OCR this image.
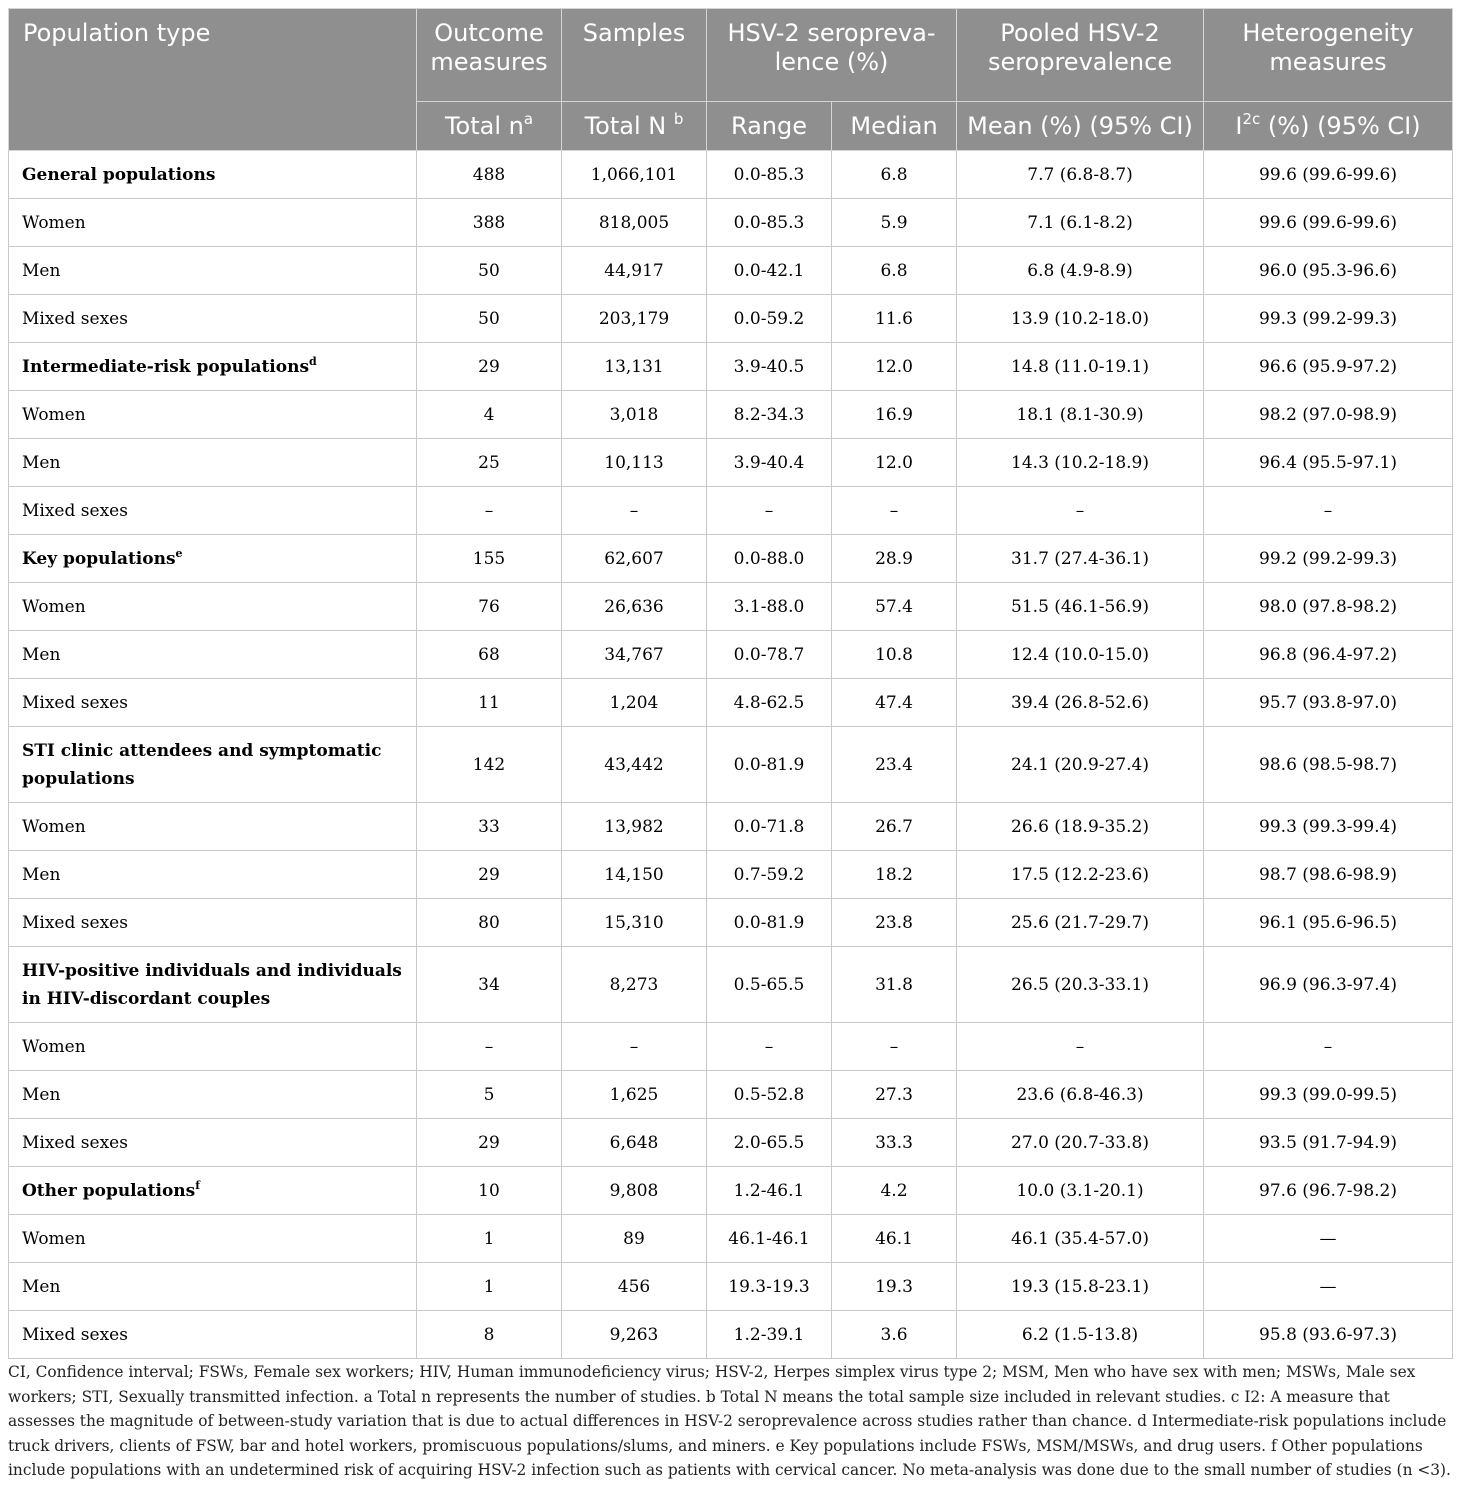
Population type	Outcome measures	Samples	HSV-2 seropreva-lence (%)		Pooled HSV-2 seroprevalence	Heterogeneity measures
	Total $n^a$	Total N $^b$	Range	Median	Mean (%) (95% CI)	$I^{2c}$ (%) (95% CI)
General populations	488	1,066,101	0.0-85.3	6.8	7.7 (6.8-8.7)	99.6 (99.6-99.6)
Women	388	818,005	0.0-85.3	5.9	7.1 (6.1-8.2)	99.6 (99.6-99.6)
Men	50	44,917	0.0-42.1	6.8	6.8 (4.9-8.9)	96.0 (95.3-96.6)
Mixed sexes	50	203,179	0.0-59.2	11.6	13.9 (10.2-18.0)	99.3 (99.2-99.3)
Intermediate-risk populations$^d$	29	13,131	3.9-40.5	12.0	14.8 (11.0-19.1)	96.6 (95.9-97.2)
Women	4	3,018	8.2-34.3	16.9	18.1 (8.1-30.9)	98.2 (97.0-98.9)
Men	25	10,113	3.9-40.4	12.0	14.3 (10.2-18.9)	96.4 (95.5-97.1)
Mixed sexes	–	–	–	–	–	–
Key populations$^e$	155	62,607	0.0-88.0	28.9	31.7 (27.4-36.1)	99.2 (99.2-99.3)
Women	76	26,636	3.1-88.0	57.4	51.5 (46.1-56.9)	98.0 (97.8-98.2)
Men	68	34,767	0.0-78.7	10.8	12.4 (10.0-15.0)	96.8 (96.4-97.2)
Mixed sexes	11	1,204	4.8-62.5	47.4	39.4 (26.8-52.6)	95.7 (93.8-97.0)
STI clinic attendees and symptomatic populations	142	43,442	0.0-81.9	23.4	24.1 (20.9-27.4)	98.6 (98.5-98.7)
Women	33	13,982	0.0-71.8	26.7	26.6 (18.9-35.2)	99.3 (99.3-99.4)
Men	29	14,150	0.7-59.2	18.2	17.5 (12.2-23.6)	98.7 (98.6-98.9)
Mixed sexes	80	15,310	0.0-81.9	23.8	25.6 (21.7-29.7)	96.1 (95.6-96.5)
HIV-positive individuals and individuals in HIV-discordant couples	34	8,273	0.5-65.5	31.8	26.5 (20.3-33.1)	96.9 (96.3-97.4)
Women	–	–	–	–	–	–
Men	5	1,625	0.5-52.8	27.3	23.6 (6.8-46.3)	99.3 (99.0-99.5)
Mixed sexes	29	6,648	2.0-65.5	33.3	27.0 (20.7-33.8)	93.5 (91.7-94.9)
Other populations$^f$	10	9,808	1.2-46.1	4.2	10.0 (3.1-20.1)	97.6 (96.7-98.2)
Women	1	89	46.1-46.1	46.1	46.1 (35.4-57.0)	—
Men	1	456	19.3-19.3	19.3	19.3 (15.8-23.1)	—
Mixed sexes	8	9,263	1.2-39.1	3.6	6.2 (1.5-13.8)	95.8 (93.6-97.3)
CI, Confidence interval; FSWs, Female sex workers; HIV, Human immunodeficiency virus; HSV-2, Herpes simplex virus type 2; MSM, Men who have sex with men; MSWs, Male sex workers; STI, Sexually transmitted infection. a Total n represents the number of studies. b Total N means the total sample size included in relevant studies. c I2: A measure that assesses the magnitude of between-study variation that is due to actual differences in HSV-2 seroprevalence across studies rather than chance. d Intermediate-risk populations include truck drivers, clients of FSW, bar and hotel workers, promiscuous populations/slums, and miners. e Key populations include FSWs, MSM/MSWs, and drug users. f Other populations include populations with an undetermined risk of acquiring HSV-2 infection such as patients with cervical cancer. No meta-analysis was done due to the small number of studies (n <3).
